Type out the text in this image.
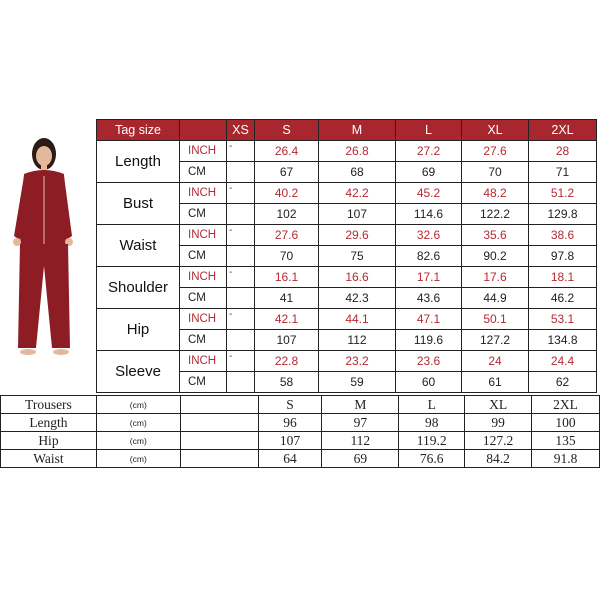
Tag size		XS	S	M	L	XL	2XL
Length	INCH	-	26.4	26.8	27.2	27.6	28
	CM		67	68	69	70	71
Bust	INCH	-	40.2	42.2	45.2	48.2	51.2
	CM		102	107	114.6	122.2	129.8
Waist	INCH	-	27.6	29.6	32.6	35.6	38.6
	CM		70	75	82.6	90.2	97.8
Shoulder	INCH	-	16.1	16.6	17.1	17.6	18.1
	CM		41	42.3	43.6	44.9	46.2
Hip	INCH	-	42.1	44.1	47.1	50.1	53.1
	CM		107	112	119.6	127.2	134.8
Sleeve	INCH	-	22.8	23.2	23.6	24	24.4
	CM		58	59	60	61	62
Trousers	(cm)		S	M	L	XL	2XL
Length	(cm)		96	97	98	99	100
Hip	(cm)		107	112	119.2	127.2	135
Waist	(cm)		64	69	76.6	84.2	91.8
